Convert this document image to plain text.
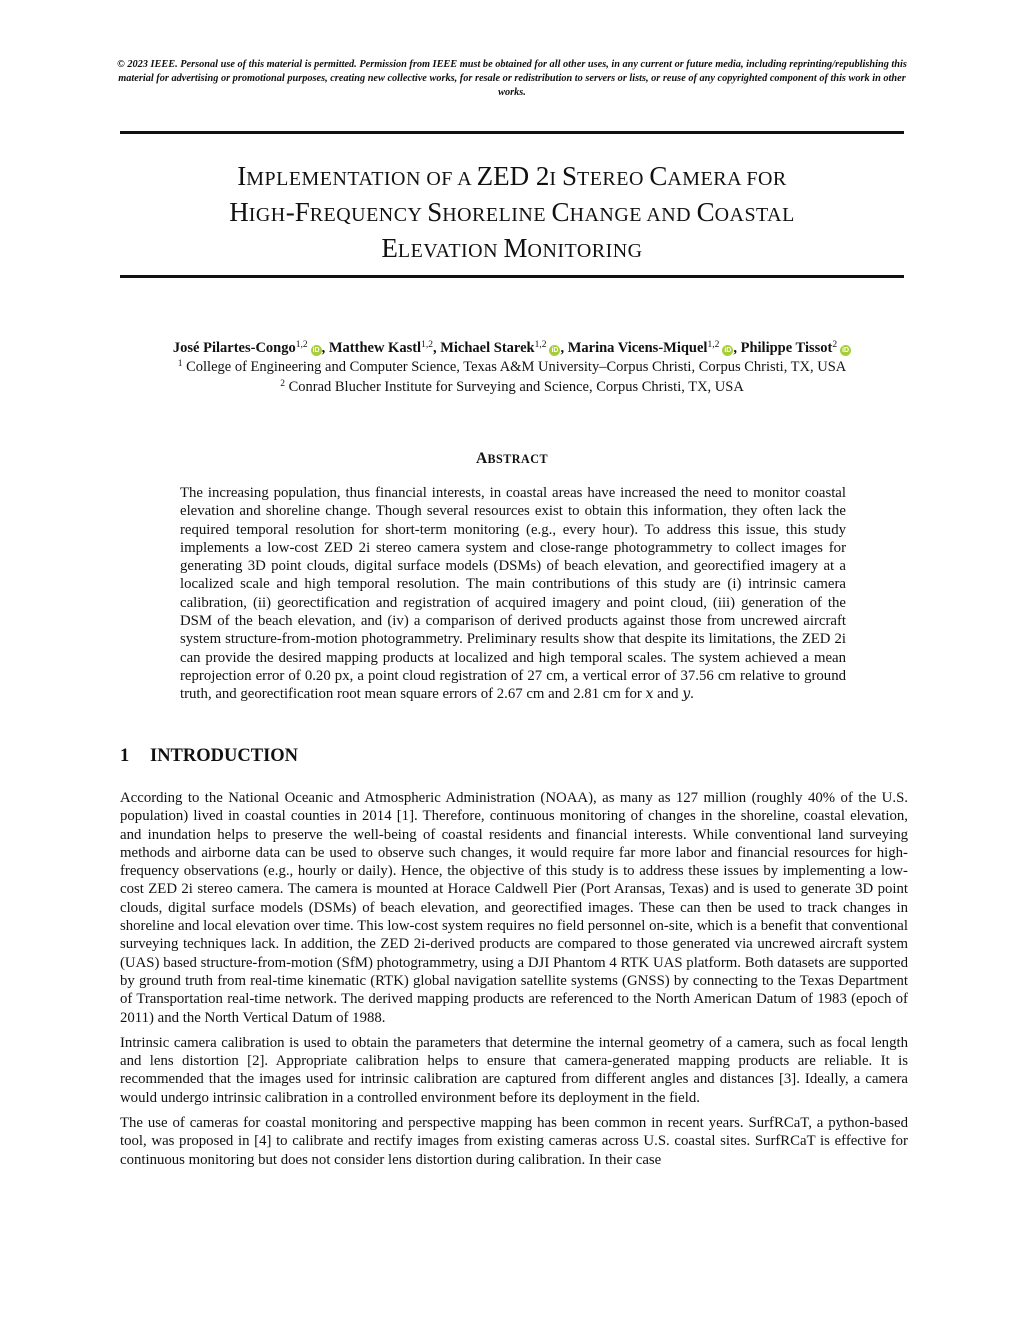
© 2023 IEEE. Personal use of this material is permitted. Permission from IEEE must be obtained for all other uses, in any current or future media, including reprinting/republishing this material for advertising or promotional purposes, creating new collective works, for resale or redistribution to servers or lists, or reuse of any copyrighted component of this work in other works.
IMPLEMENTATION OF A ZED 2I STEREO CAMERA FOR
HIGH-FREQUENCY SHORELINE CHANGE AND COASTAL
ELEVATION MONITORING
José Pilartes-Congo$^{1,2}$iD , Matthew Kastl$^{1,2}$, Michael Starek$^{1,2}$iD , Marina Vicens-Miquel$^{1,2}$iD , Philippe Tissot$^2$iD
$^1$ College of Engineering and Computer Science, Texas A&M University–Corpus Christi, Corpus Christi, TX, USA
$^2$ Conrad Blucher Institute for Surveying and Science, Corpus Christi, TX, USA
ABSTRACT
The increasing population, thus financial interests, in coastal areas have increased the need to monitor coastal elevation and shoreline change. Though several resources exist to obtain this information, they often lack the required temporal resolution for short-term monitoring (e.g., every hour). To address this issue, this study implements a low-cost ZED 2i stereo camera system and close-range photogrammetry to collect images for generating 3D point clouds, digital surface models (DSMs) of beach elevation, and georectified imagery at a localized scale and high temporal resolution. The main contributions of this study are (i) intrinsic camera calibration, (ii) georectification and registration of acquired imagery and point cloud, (iii) generation of the DSM of the beach elevation, and (iv) a comparison of derived products against those from uncrewed aircraft system structure-from-motion photogrammetry. Preliminary results show that despite its limitations, the ZED 2i can provide the desired mapping products at localized and high temporal scales. The system achieved a mean reprojection error of 0.20 px, a point cloud registration of 27 cm, a vertical error of 37.56 cm relative to ground truth, and georectification root mean square errors of 2.67 cm and 2.81 cm for x and y.
1 INTRODUCTION

According to the National Oceanic and Atmospheric Administration (NOAA), as many as 127 million (roughly 40% of the U.S. population) lived in coastal counties in 2014 [1]. Therefore, continuous monitoring of changes in the shoreline, coastal elevation, and inundation helps to preserve the well-being of coastal residents and financial interests. While conventional land surveying methods and airborne data can be used to observe such changes, it would require far more labor and financial resources for high-frequency observations (e.g., hourly or daily). Hence, the objective of this study is to address these issues by implementing a low-cost ZED 2i stereo camera. The camera is mounted at Horace Caldwell Pier (Port Aransas, Texas) and is used to generate 3D point clouds, digital surface models (DSMs) of beach elevation, and georectified images. These can then be used to track changes in shoreline and local elevation over time. This low-cost system requires no field personnel on-site, which is a benefit that conventional surveying techniques lack. In addition, the ZED 2i-derived products are compared to those generated via uncrewed aircraft system (UAS) based structure-from-motion (SfM) photogrammetry, using a DJI Phantom 4 RTK UAS platform. Both datasets are supported by ground truth from real-time kinematic (RTK) global navigation satellite systems (GNSS) by connecting to the Texas Department of Transportation real-time network. The derived mapping products are referenced to the North American Datum of 1983 (epoch of 2011) and the North Vertical Datum of 1988.

Intrinsic camera calibration is used to obtain the parameters that determine the internal geometry of a camera, such as focal length and lens distortion [2]. Appropriate calibration helps to ensure that camera-generated mapping products are reliable. It is recommended that the images used for intrinsic calibration are captured from different angles and distances [3]. Ideally, a camera would undergo intrinsic calibration in a controlled environment before its deployment in the field.

The use of cameras for coastal monitoring and perspective mapping has been common in recent years. SurfRCaT, a python-based tool, was proposed in [4] to calibrate and rectify images from existing cameras across U.S. coastal sites. SurfRCaT is effective for continuous monitoring but does not consider lens distortion during calibration. In their case
